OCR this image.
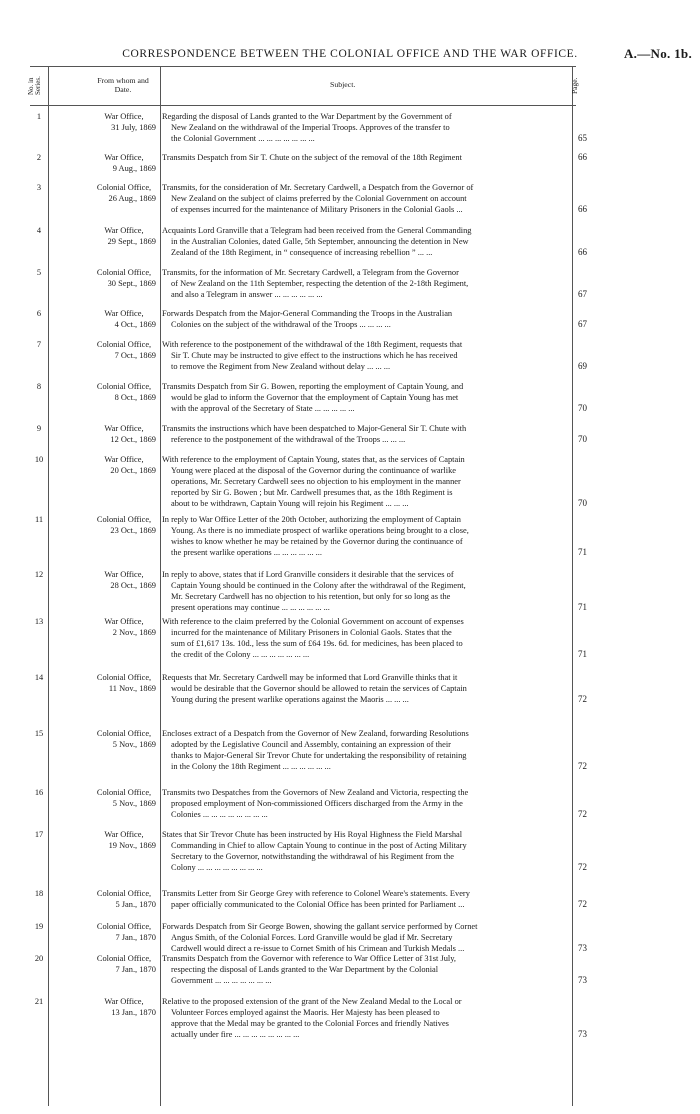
CORRESPONDENCE BETWEEN THE COLONIAL OFFICE AND THE WAR OFFICE.	A.—No. 1b.
No. in Series.	From whom and Date.
Subject.	Page.
1	War Office,
31 July, 1869
Regarding the disposal of Lands granted to the War Department by the Government of
New Zealand on the withdrawal of the Imperial Troops. Approves of the transfer to
the Colonial Government ... ... ... ... ... ... ...	65
2	War Office,
9 Aug., 1869
Transmits Despatch from Sir T. Chute on the subject of the removal of the 18th Regiment	66
3	Colonial Office,
26 Aug., 1869
Transmits, for the consideration of Mr. Secretary Cardwell, a Despatch from the Governor of
New Zealand on the subject of claims preferred by the Colonial Government on account
of expenses incurred for the maintenance of Military Prisoners in the Colonial Gaols ...	66
4	War Office,
29 Sept., 1869
Acquaints Lord Granville that a Telegram had been received from the General Commanding
in the Australian Colonies, dated Galle, 5th September, announcing the detention in New
Zealand of the 18th Regiment, in “ consequence of increasing rebellion ” ... ...	66
5	Colonial Office,
30 Sept., 1869
Transmits, for the information of Mr. Secretary Cardwell, a Telegram from the Governor
of New Zealand on the 11th September, respecting the detention of the 2-18th Regiment,
and also a Telegram in answer ... ... ... ... ... ...	67
6	War Office,
4 Oct., 1869
Forwards Despatch from the Major-General Commanding the Troops in the Australian
Colonies on the subject of the withdrawal of the Troops ... ... ... ...	67
7	Colonial Office,
7 Oct., 1869
With reference to the postponement of the withdrawal of the 18th Regiment, requests that
Sir T. Chute may be instructed to give effect to the instructions which he has received
to remove the Regiment from New Zealand without delay ... ... ...	69
8	Colonial Office,
8 Oct., 1869
Transmits Despatch from Sir G. Bowen, reporting the employment of Captain Young, and
would be glad to inform the Governor that the employment of Captain Young has met
with the approval of the Secretary of State ... ... ... ... ...	70
9	War Office,
12 Oct., 1869
Transmits the instructions which have been despatched to Major-General Sir T. Chute with
reference to the postponement of the withdrawal of the Troops ... ... ...	70
10	War Office,
20 Oct., 1869
With reference to the employment of Captain Young, states that, as the services of Captain
Young were placed at the disposal of the Governor during the continuance of warlike
operations, Mr. Secretary Cardwell sees no objection to his employment in the manner
reported by Sir G. Bowen ; but Mr. Cardwell presumes that, as the 18th Regiment is
about to be withdrawn, Captain Young will rejoin his Regiment ... ... ...	70
11	Colonial Office,
23 Oct., 1869
In reply to War Office Letter of the 20th October, authorizing the employment of Captain
Young. As there is no immediate prospect of warlike operations being brought to a close,
wishes to know whether he may be retained by the Governor during the continuance of
the present warlike operations ... ... ... ... ... ...	71
12	War Office,
28 Oct., 1869
In reply to above, states that if Lord Granville considers it desirable that the services of
Captain Young should be continued in the Colony after the withdrawal of the Regiment,
Mr. Secretary Cardwell has no objection to his retention, but only for so long as the
present operations may continue ... ... ... ... ... ...	71
13	War Office,
2 Nov., 1869
With reference to the claim preferred by the Colonial Government on account of expenses
incurred for the maintenance of Military Prisoners in Colonial Gaols. States that the
sum of £1,617 13s. 10d., less the sum of £64 19s. 6d. for medicines, has been placed to
the credit of the Colony ... ... ... ... ... ... ...	71
14	Colonial Office,
11 Nov., 1869
Requests that Mr. Secretary Cardwell may be informed that Lord Granville thinks that it
would be desirable that the Governor should be allowed to retain the services of Captain
Young during the present warlike operations against the Maoris ... ... ...	72
15	Colonial Office,
5 Nov., 1869
Encloses extract of a Despatch from the Governor of New Zealand, forwarding Resolutions
adopted by the Legislative Council and Assembly, containing an expression of their
thanks to Major-General Sir Trevor Chute for undertaking the responsibility of retaining
in the Colony the 18th Regiment ... ... ... ... ... ...	72
16	Colonial Office,
5 Nov., 1869
Transmits two Despatches from the Governors of New Zealand and Victoria, respecting the
proposed employment of Non-commissioned Officers discharged from the Army in the
Colonies ... ... ... ... ... ... ... ...	72
17	War Office,
19 Nov., 1869
States that Sir Trevor Chute has been instructed by His Royal Highness the Field Marshal
Commanding in Chief to allow Captain Young to continue in the post of Acting Military
Secretary to the Governor, notwithstanding the withdrawal of his Regiment from the
Colony ... ... ... ... ... ... ... ...	72
18	Colonial Office,
5 Jan., 1870
Transmits Letter from Sir George Grey with reference to Colonel Weare's statements. Every
paper officially communicated to the Colonial Office has been printed for Parliament ...	72
19	Colonial Office,
7 Jan., 1870
Forwards Despatch from Sir George Bowen, showing the gallant service performed by Cornet
Angus Smith, of the Colonial Forces. Lord Granville would be glad if Mr. Secretary
Cardwell would direct a re-issue to Cornet Smith of his Crimean and Turkish Medals ...	73
20	Colonial Office,
7 Jan., 1870
Transmits Despatch from the Governor with reference to War Office Letter of 31st July,
respecting the disposal of Lands granted to the War Department by the Colonial
Government ... ... ... ... ... ... ...	73
21	War Office,
13 Jan., 1870
Relative to the proposed extension of the grant of the New Zealand Medal to the Local or
Volunteer Forces employed against the Maoris. Her Majesty has been pleased to
approve that the Medal may be granted to the Colonial Forces and friendly Natives
actually under fire ... ... ... ... ... ... ... ...	73
